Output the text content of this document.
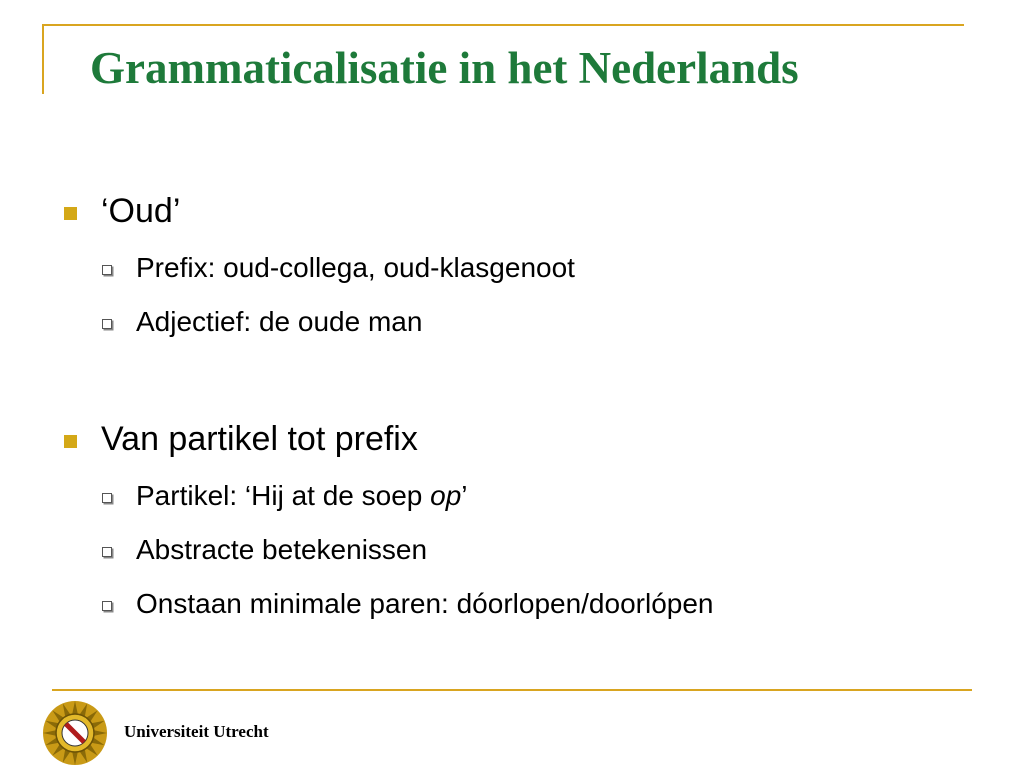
Grammaticalisatie in het Nederlands
‘Oud’
Prefix: oud-collega, oud-klasgenoot
Adjectief: de oude man
Van partikel tot prefix
Partikel: ‘Hij at de soep op’
Abstracte betekenissen
Onstaan minimale paren: dóorlopen/doorlópen
Universiteit Utrecht
